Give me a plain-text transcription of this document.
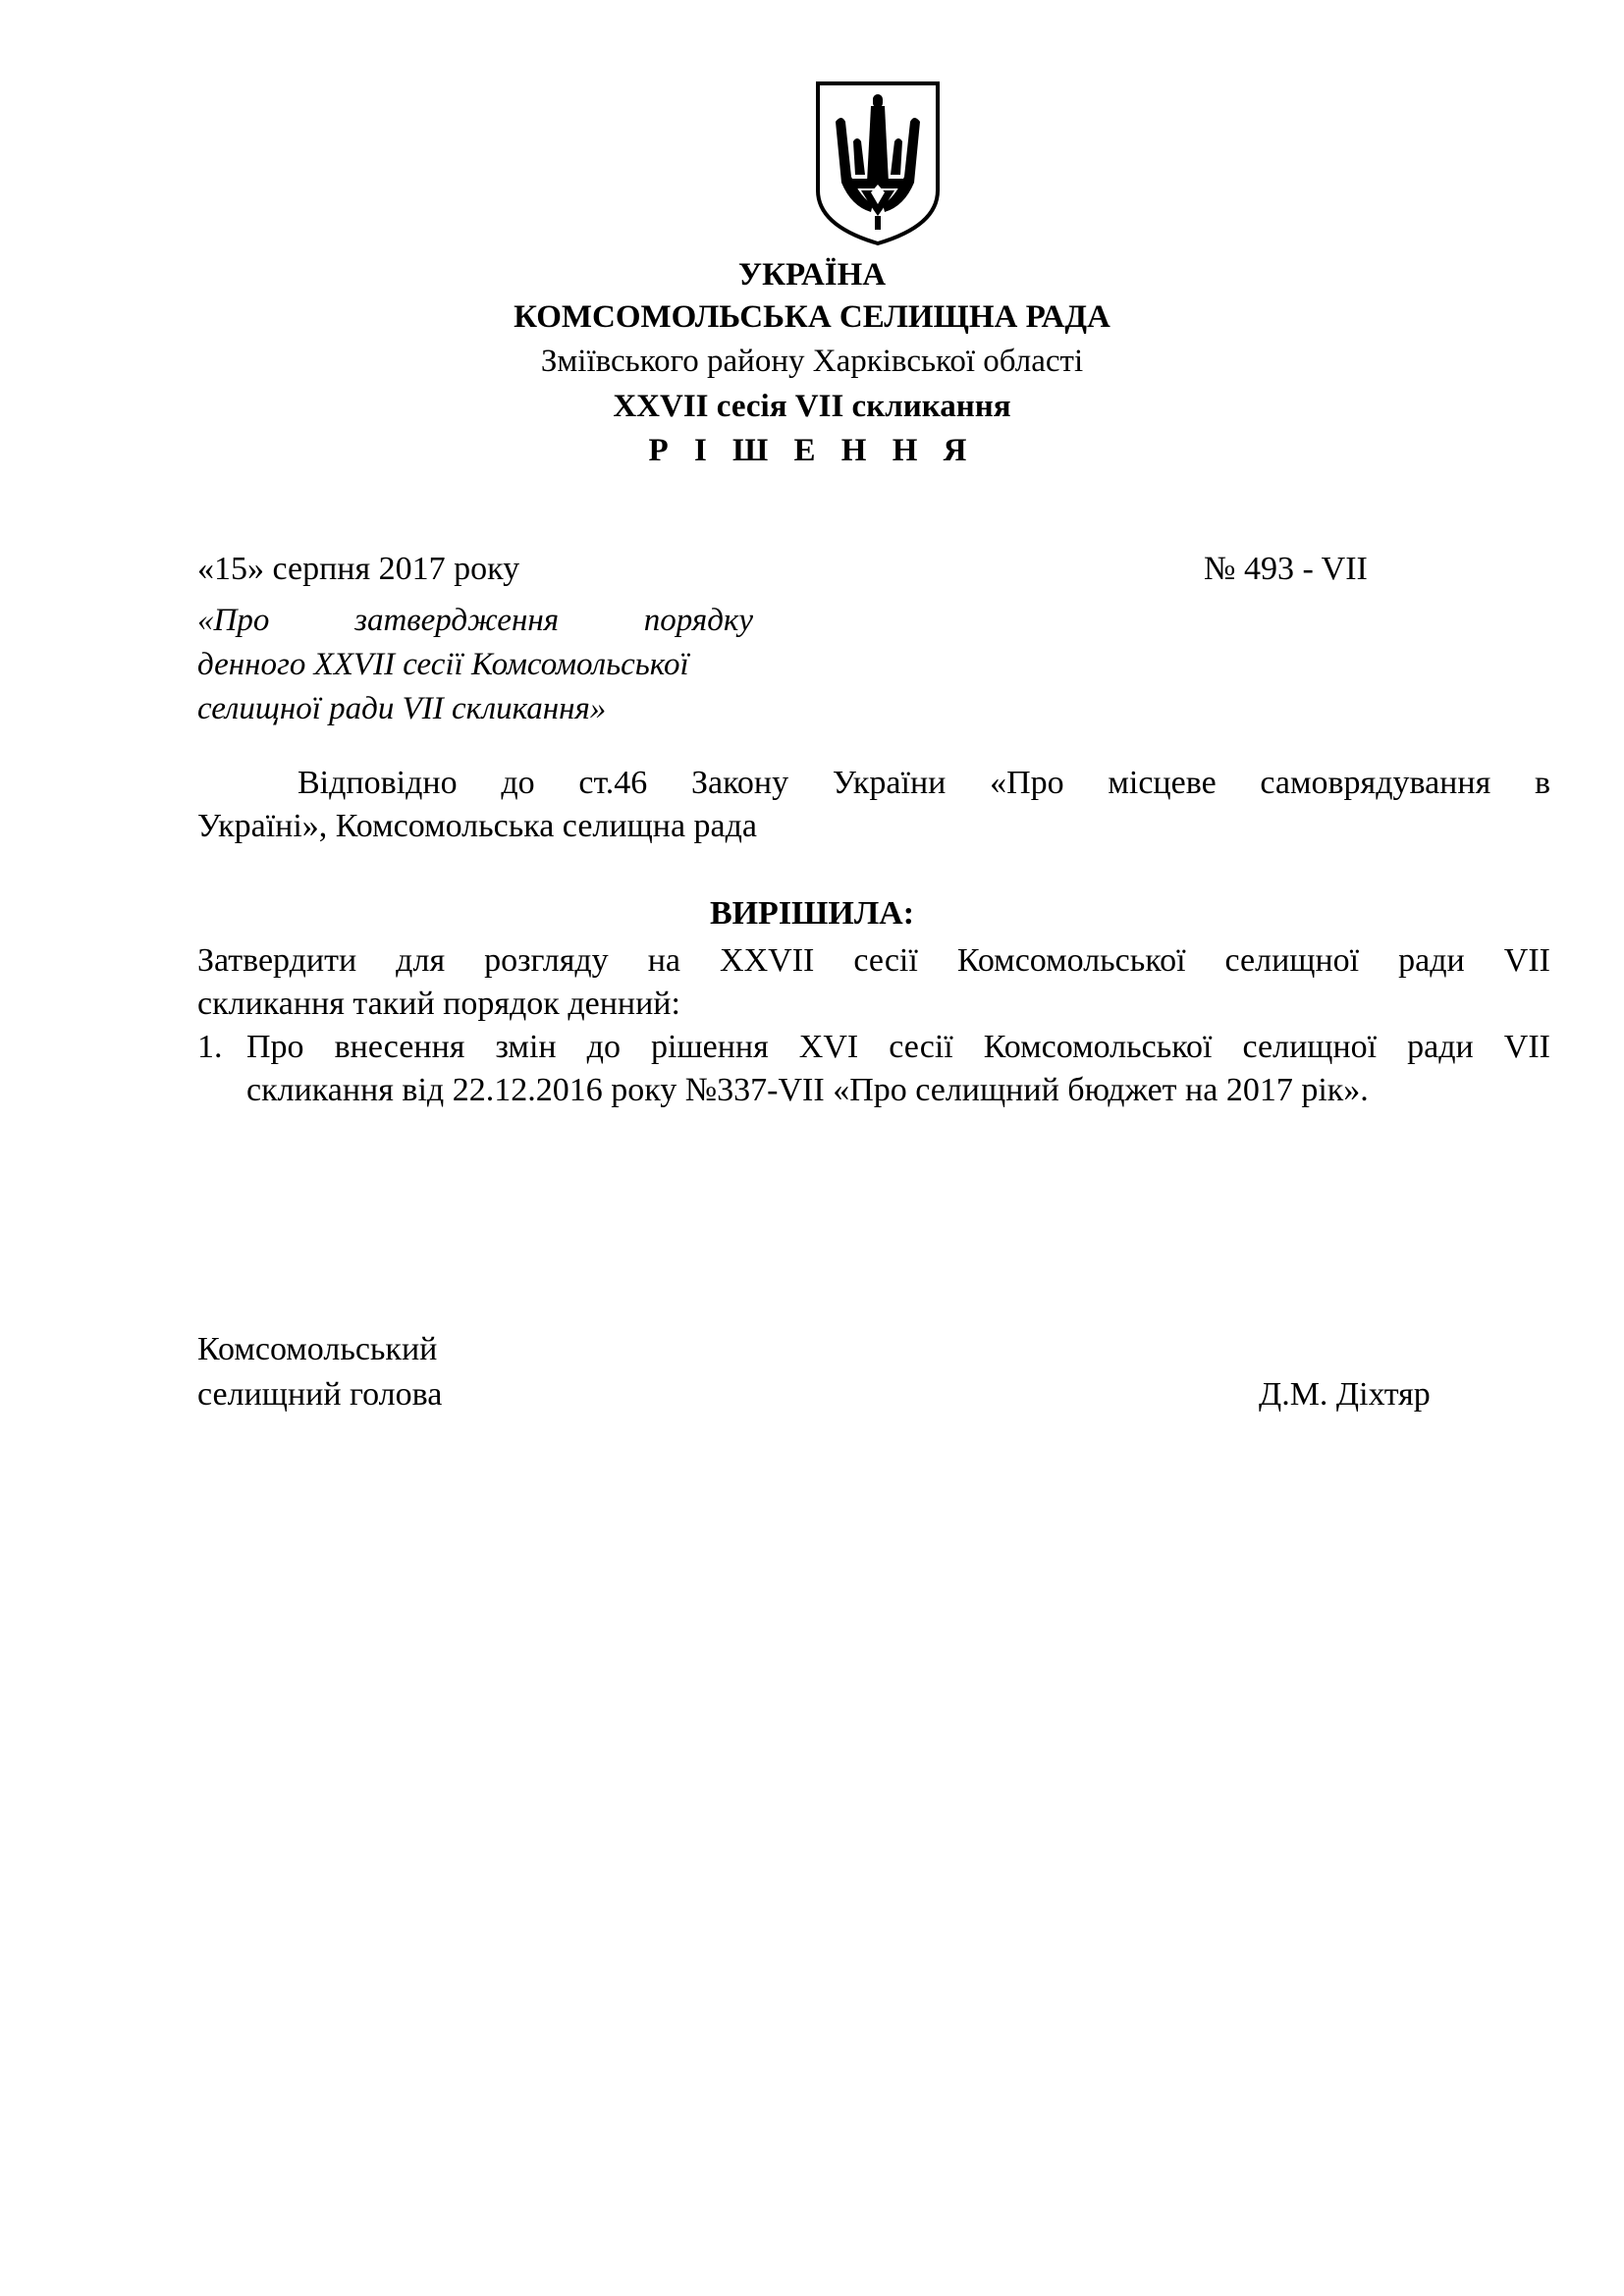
УКРАЇНА
КОМСОМОЛЬСЬКА СЕЛИЩНА РАДА
Зміївського району Харківської області
XXVII сесія VII скликання
Р І Ш Е Н Н Я
«15» серпня 2017 року	№ 493 - VII
«Про затвердження порядку
денного XXVII сесії Комсомольської
селищної ради VII скликання»
Відповідно до ст.46 Закону України «Про місцеве самоврядування в
Україні», Комсомольська селищна рада
ВИРІШИЛА:
Затвердити для розгляду на XXVII сесії Комсомольської селищної ради VII
скликання такий порядок денний:
1. Про внесення змін до рішення XVI сесії Комсомольської селищної ради VII
скликання від 22.12.2016 року №337-VII «Про селищний бюджет на 2017 рік».
Комсомольський
селищний голова	Д.М. Діхтяр
